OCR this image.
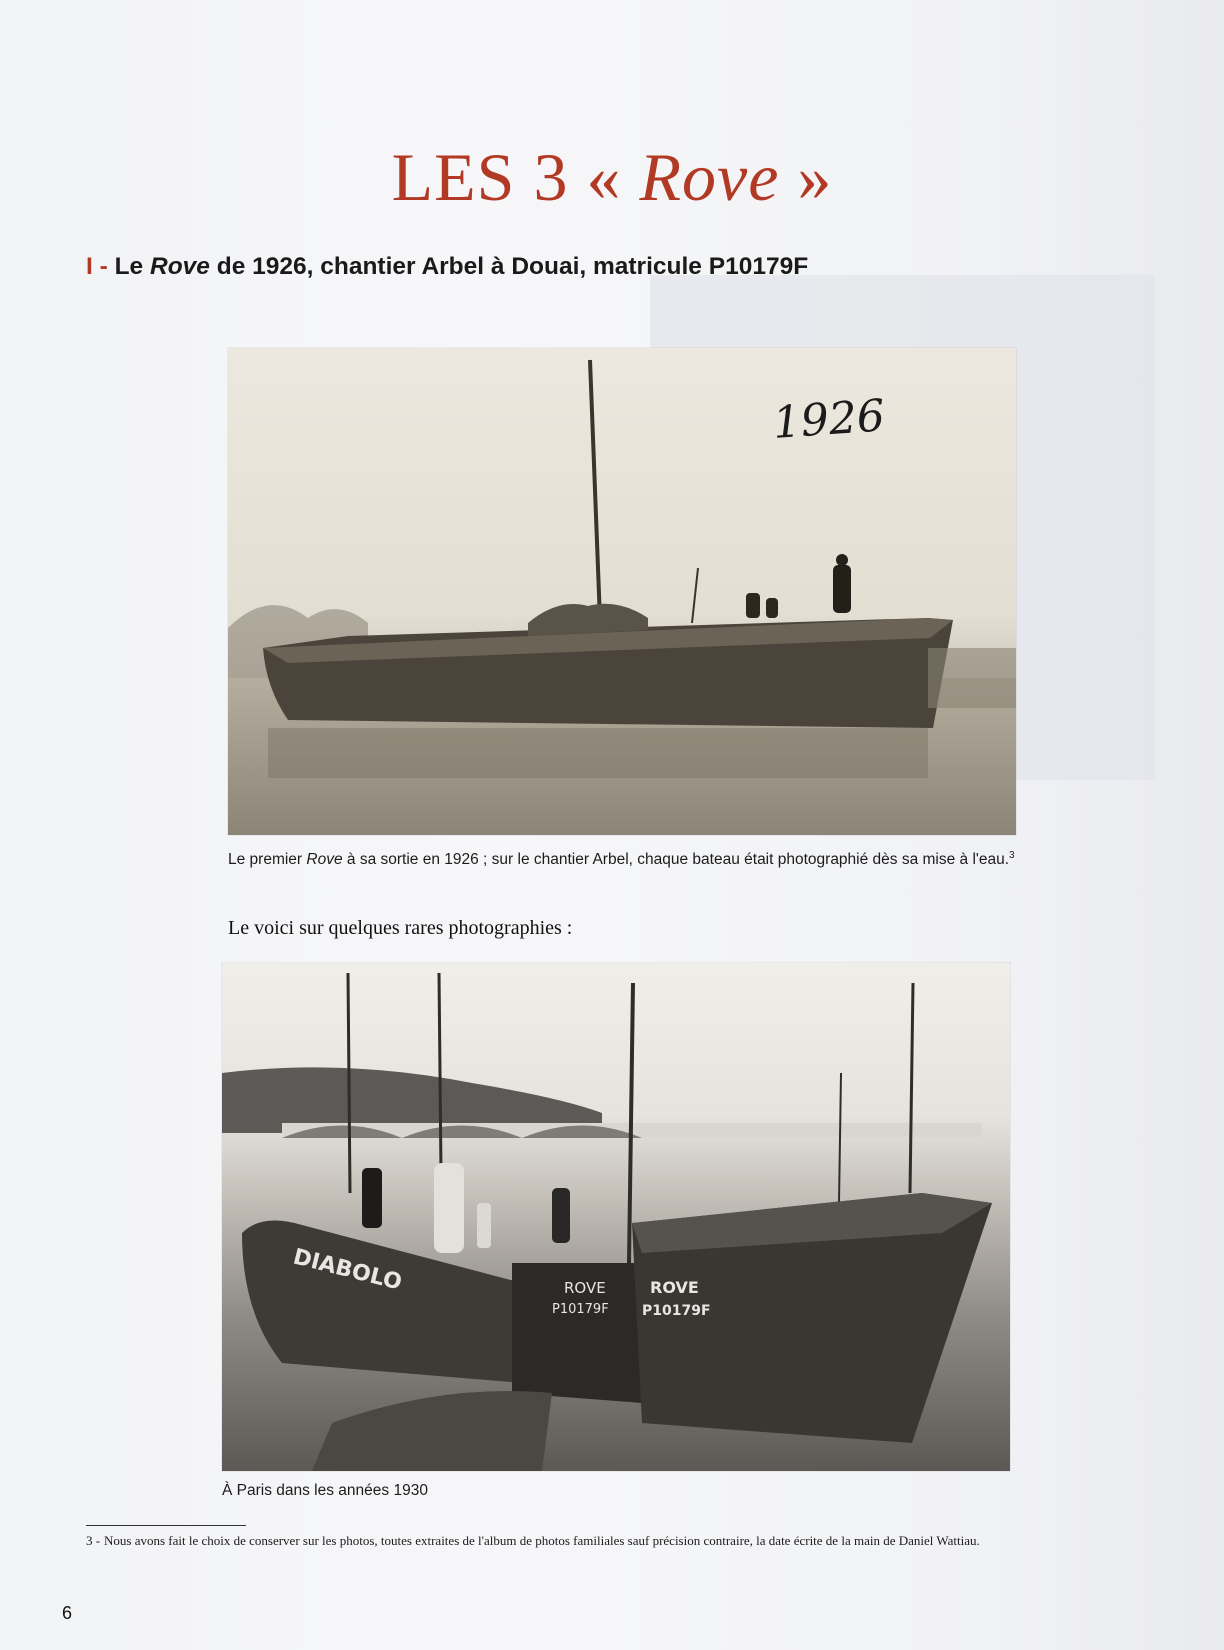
LES 3 « Rove »
I - Le Rove de 1926, chantier Arbel à Douai, matricule P10179F
1926

Le premier Rove à sa sortie en 1926 ; sur le chantier Arbel, chaque bateau était photographié dès sa mise à l'eau.$^3$

Le voici sur quelques rares photographies :

DIABOLO	ROVE
P10179F
ROVE
P10179F

À Paris dans les années 1930

3 - Nous avons fait le choix de conserver sur les photos, toutes extraites de l'album de photos familiales sauf précision contraire, la date écrite de la main de Daniel Wattiau.
6
